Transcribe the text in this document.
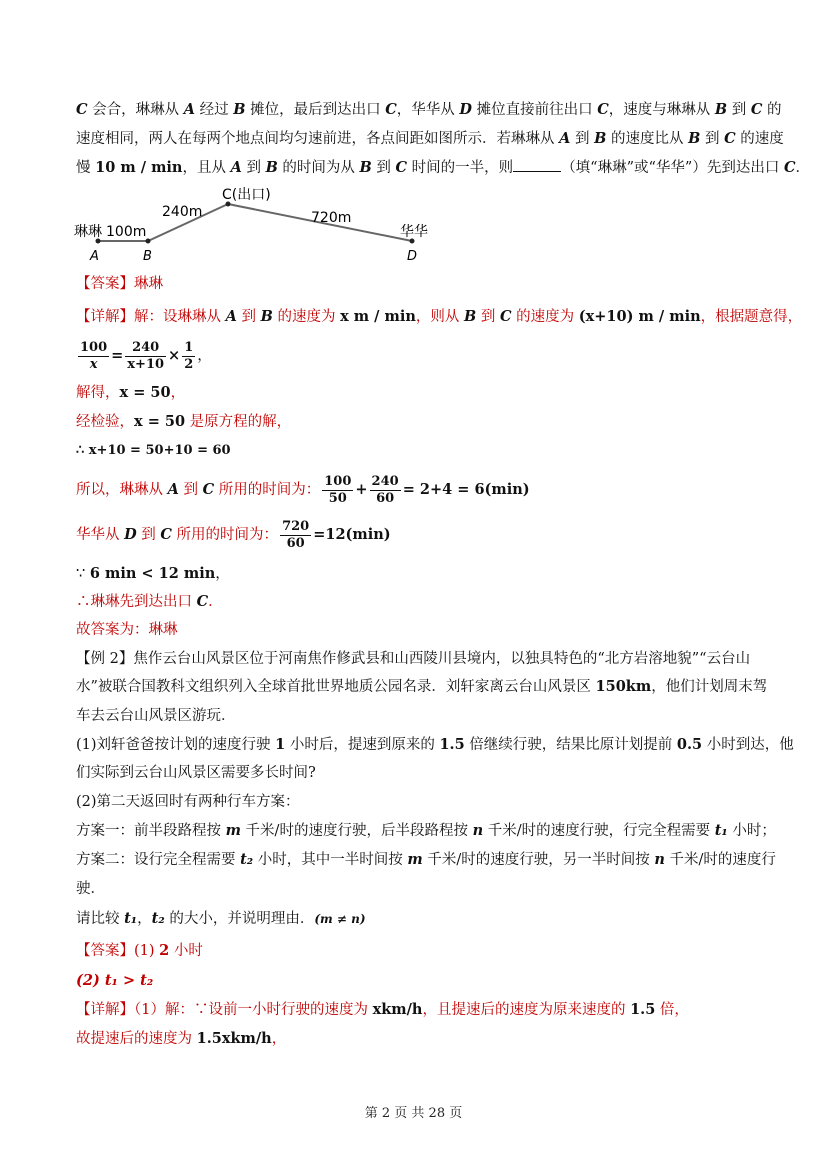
C 会合，琳琳从 A 经过 B 摊位，最后到达出口 C，华华从 D 摊位直接前往出口 C，速度与琳琳从 B 到 C 的
速度相同，两人在每两个地点间均匀速前进，各点间距如图所示．若琳琳从 A 到 B 的速度比从 B 到 C 的速度
慢 10 m / min，且从 A 到 B 的时间为从 B 到 C 时间的一半，则	（填“琳琳”或“华华”）先到达出口 C．
C(出口)
240m	720m
琳琳 100m	华华
A	B	D
【答案】琳琳
【详解】解：设琳琳从 A 到 B 的速度为 x m / min，则从 B 到 C 的速度为 (x+10) m / min，根据题意得，
$\frac{100}{x} = \frac{240}{x+10} \times \frac{1}{2}$ ，
解得，x = 50，
经检验，x = 50 是原方程的解，
∴ x+10 = 50+10 = 60
所以，琳琳从 A 到 C 所用的时间为： $\frac{100}{50} + \frac{240}{60} = 2+4 = 6(\min)$
华华从 D 到 C 所用的时间为： $\frac{720}{60} =12(\min)$
∵ 6 min < 12 min，
∴琳琳先到达出口 C．
故答案为：琳琳
【例 2】焦作云台山风景区位于河南焦作修武县和山西陵川县境内，以独具特色的“北方岩溶地貌”“云台山
水”被联合国教科文组织列入全球首批世界地质公园名录．刘轩家离云台山风景区 150km，他们计划周末驾
车去云台山风景区游玩．
(1)刘轩爸爸按计划的速度行驶 1 小时后，提速到原来的 1.5 倍继续行驶，结果比原计划提前 0.5 小时到达，他
们实际到云台山风景区需要多长时间?
(2)第二天返回时有两种行车方案：
方案一：前半段路程按 m 千米/时的速度行驶，后半段路程按 n 千米/时的速度行驶，行完全程需要 t₁ 小时；
方案二：设行完全程需要 t₂ 小时，其中一半时间按 m 千米/时的速度行驶，另一半时间按 n 千米/时的速度行
驶．
请比较 t₁，t₂ 的大小，并说明理由．(m ≠ n)
【答案】(1) 2 小时
(2) t₁ > t₂
【详解】（1）解：∵设前一小时行驶的速度为 xkm/h，且提速后的速度为原来速度的 1.5 倍，
故提速后的速度为 1.5xkm/h，
第 2 页 共 28 页
